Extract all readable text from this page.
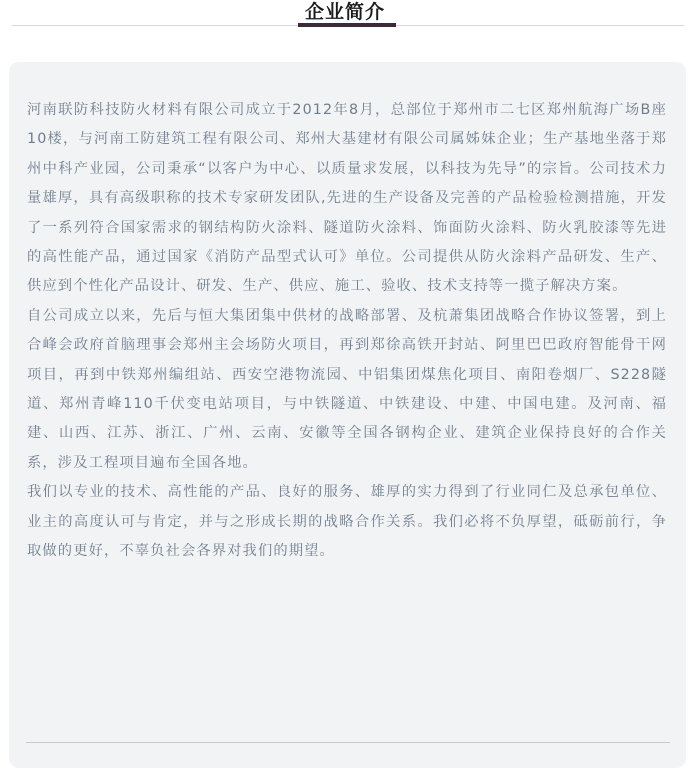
企业简介

河南联防科技防火材料有限公司成立于2012年8月，总部位于郑州市二七区郑州航海广场B座10楼，与河南工防建筑工程有限公司、郑州大基建材有限公司属姊妹企业；生产基地坐落于郑州中科产业园，公司秉承“以客户为中心、以质量求发展，以科技为先导”的宗旨。公司技术力量雄厚，具有高级职称的技术专家研发团队,先进的生产设备及完善的产品检验检测措施，开发了一系列符合国家需求的钢结构防火涂料、隧道防火涂料、饰面防火涂料、防火乳胶漆等先进的高性能产品，通过国家《消防产品型式认可》单位。公司提供从防火涂料产品研发、生产、供应到个性化产品设计、研发、生产、供应、施工、验收、技术支持等一揽子解决方案。

自公司成立以来，先后与恒大集团集中供材的战略部署、及杭萧集团战略合作协议签署，到上合峰会政府首脑理事会郑州主会场防火项目，再到郑徐高铁开封站、阿里巴巴政府智能骨干网项目，再到中铁郑州编组站、西安空港物流园、中铝集团煤焦化项目、南阳卷烟厂、S228隧道、郑州青峰110千伏变电站项目，与中铁隧道、中铁建设、中建、中国电建。及河南、福建、山西、江苏、浙江、广州、云南、安徽等全国各钢构企业、建筑企业保持良好的合作关系，涉及工程项目遍布全国各地。

我们以专业的技术、高性能的产品、良好的服务、雄厚的实力得到了行业同仁及总承包单位、业主的高度认可与肯定，并与之形成长期的战略合作关系。我们必将不负厚望，砥砺前行，争取做的更好，不辜负社会各界对我们的期望。
